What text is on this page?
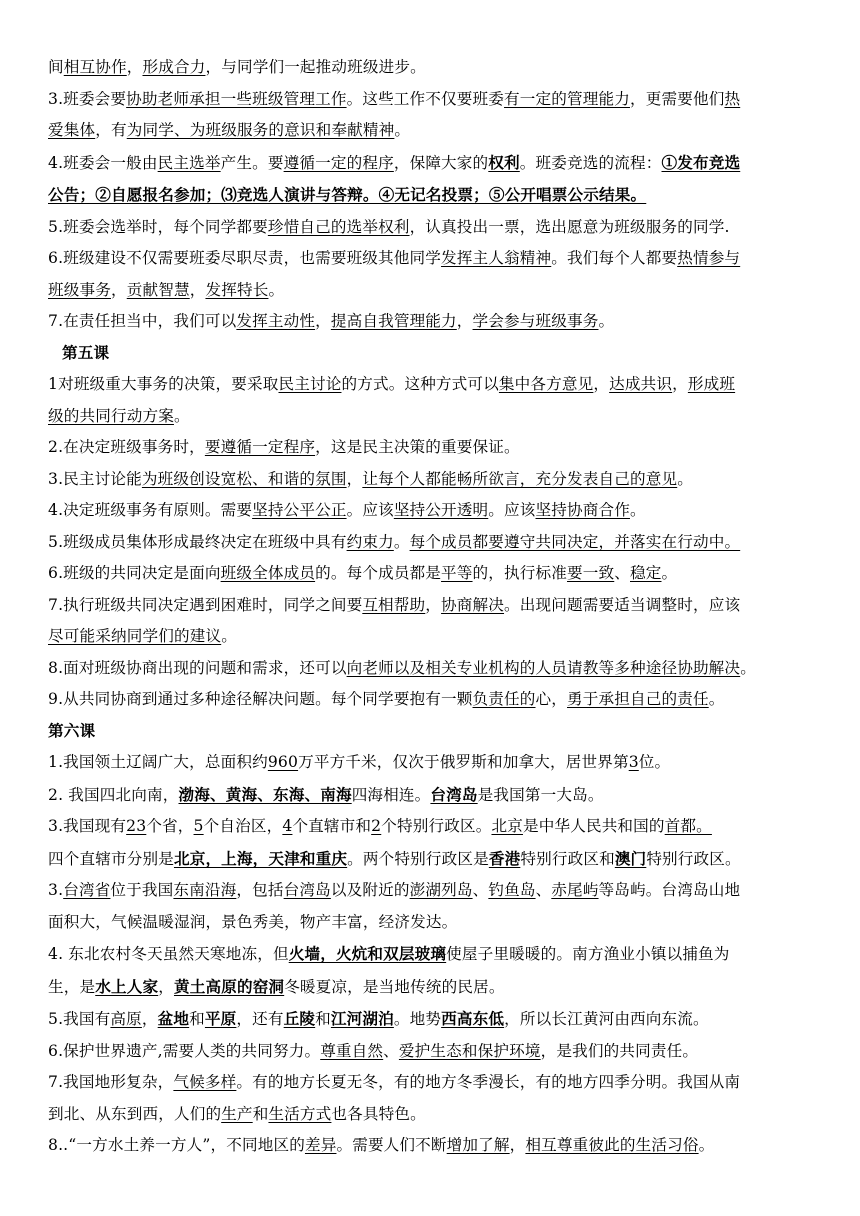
间相互协作，形成合力，与同学们一起推动班级进步。
3.班委会要协助老师承担一些班级管理工作。这些工作不仅要班委有一定的管理能力，更需要他们热
爱集体，有为同学、为班级服务的意识和奉献精神。
4.班委会一般由民主选举产生。要遵循一定的程序，保障大家的权利。班委竞选的流程：①发布竞选
公告；②自愿报名参加；⑶竞选人演讲与答辩。④无记名投票；⑤公开唱票公示结果。
5.班委会选举时，每个同学都要珍惜自己的选举权利，认真投出一票，选出愿意为班级服务的同学.
6.班级建设不仅需要班委尽职尽责，也需要班级其他同学发挥主人翁精神。我们每个人都要热情参与
班级事务，贡献智慧，发挥特长。
7.在责任担当中，我们可以发挥主动性，提高自我管理能力，学会参与班级事务。
第五课
1对班级重大事务的决策，要采取民主讨论的方式。这种方式可以集中各方意见，达成共识，形成班
级的共同行动方案。
2.在决定班级事务时，要遵循一定程序，这是民主决策的重要保证。
3.民主讨论能为班级创设宽松、和谐的氛围，让每个人都能畅所欲言，充分发表自己的意见。
4.决定班级事务有原则。需要坚持公平公正。应该坚持公开透明。应该坚持协商合作。
5.班级成员集体形成最终决定在班级中具有约束力。每个成员都要遵守共同决定，并落实在行动中。
6.班级的共同决定是面向班级全体成员的。每个成员都是平等的，执行标准要一致、稳定。
7.执行班级共同决定遇到困难时，同学之间要互相帮助，协商解决。出现问题需要适当调整时，应该
尽可能采纳同学们的建议。
8.面对班级协商出现的问题和需求，还可以向老师以及相关专业机构的人员请教等多种途径协助解决。
9.从共同协商到通过多种途径解决问题。每个同学要抱有一颗负责任的心，勇于承担自己的责任。
第六课
1.我国领土辽阔广大，总面积约960万平方千米，仅次于俄罗斯和加拿大，居世界第3位。
2. 我国四北向南，渤海、黄海、东海、南海四海相连。台湾岛是我国第一大岛。
3.我国现有23个省，5个自治区，4个直辖市和2个特别行政区。北京是中华人民共和国的首都。
四个直辖市分别是北京，上海，天津和重庆。两个特别行政区是香港特别行政区和澳门特别行政区。
3.台湾省位于我国东南沿海，包括台湾岛以及附近的澎湖列岛、钓鱼岛、赤尾屿等岛屿。台湾岛山地
面积大，气候温暖湿润，景色秀美，物产丰富，经济发达。
4. 东北农村冬天虽然天寒地冻，但火墙，火炕和双层玻璃使屋子里暖暖的。南方渔业小镇以捕鱼为
生，是水上人家，黄土高原的窑洞冬暖夏凉，是当地传统的民居。
5.我国有高原，盆地和平原，还有丘陵和江河湖泊。地势西高东低，所以长江黄河由西向东流。
6.保护世界遗产,需要人类的共同努力。尊重自然、爱护生态和保护环境，是我们的共同责任。
7.我国地形复杂，气候多样。有的地方长夏无冬，有的地方冬季漫长，有的地方四季分明。我国从南
到北、从东到西，人们的生产和生活方式也各具特色。
8..“一方水土养一方人”，不同地区的差异。需要人们不断增加了解，相互尊重彼此的生活习俗。
